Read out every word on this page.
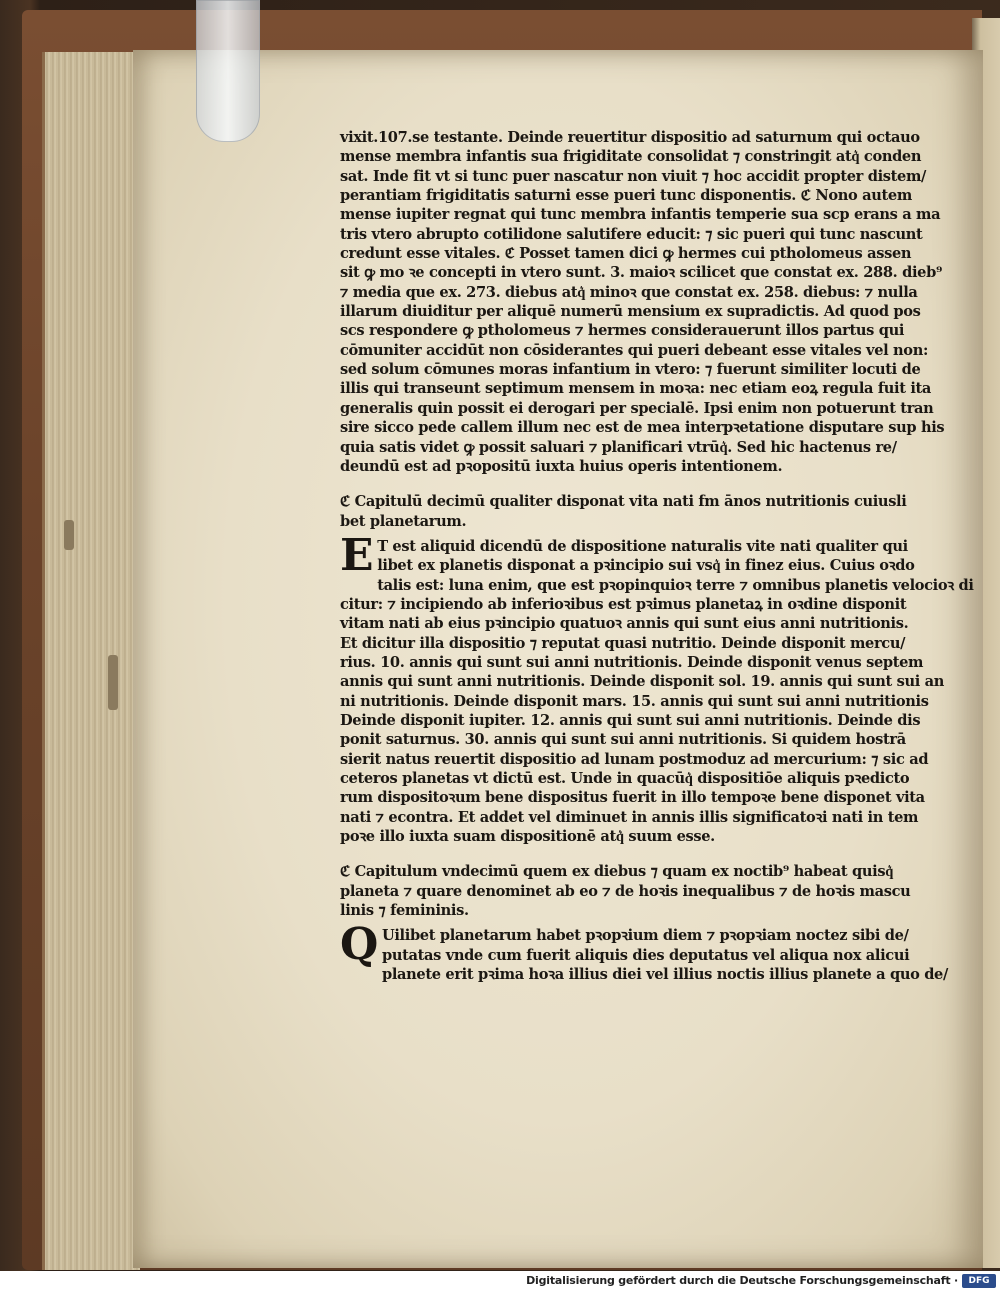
vixit.107.se testante. Deinde reuertitur dispositio ad saturnum qui octauo
mense membra infantis sua frigiditate consolidat ⁊ constringit atq͛ conden
sat. Inde fit vt si tunc puer nascatur non viuit ⁊ hoc accidit propter distem/
perantiam frigiditatis saturni esse pueri tunc disponentis. ℭ Nono autem
mense iupiter regnat qui tunc membra infantis temperie sua scp erans a ma
tris vtero abrupto cotilidone salutifere educit: ⁊ sic pueri qui tunc nascunt
credunt esse vitales. ℭ Posset tamen dici ꝙ hermes cui ptholomeus assen
sit ꝙ mo ꝛe concepti in vtero sunt. 3. maioꝛ scilicet que constat ex. 288. dieb⁹
⁊ media que ex. 273. diebus atq͛ minoꝛ que constat ex. 258. diebus: ⁊ nulla
illarum diuiditur per aliquē numerū mensium ex supradictis. Ad quod pos
scs respondere ꝙ ptholomeus ⁊ hermes considerauerunt illos partus qui
cōmuniter accidūt non cōsiderantes qui pueri debeant esse vitales vel non:
sed solum cōmunes moras infantium in vtero: ⁊ fuerunt similiter locuti de
illis qui transeunt septimum mensem in moꝛa: nec etiam eoꝝ regula fuit ita
generalis quin possit ei derogari per specialē. Ipsi enim non potuerunt tran
sire sicco pede callem illum nec est de mea interpꝛetatione disputare sup his
quia satis videt ꝙ possit saluari ⁊ planificari vtrūq͛. Sed hic hactenus re/
deundū est ad pꝛopositū iuxta huius operis intentionem.
ℭ Capitulū decimū qualiter disponat vita nati fm ānos nutritionis cuiusli
bet planetarum.
E T est aliquid dicendū de dispositione naturalis vite nati qualiter qui
libet ex planetis disponat a pꝛincipio sui vsq͛ in finez eius. Cuius oꝛdo
talis est: luna enim, que est pꝛopinquioꝛ terre ⁊ omnibus planetis velocioꝛ di
citur: ⁊ incipiendo ab inferioꝛibus est pꝛimus planetaꝝ in oꝛdine disponit
vitam nati ab eius pꝛincipio quatuoꝛ annis qui sunt eius anni nutritionis.
Et dicitur illa dispositio ⁊ reputat quasi nutritio. Deinde disponit mercu/
rius. 10. annis qui sunt sui anni nutritionis. Deinde disponit venus septem
annis qui sunt anni nutritionis. Deinde disponit sol. 19. annis qui sunt sui an
ni nutritionis. Deinde disponit mars. 15. annis qui sunt sui anni nutritionis
Deinde disponit iupiter. 12. annis qui sunt sui anni nutritionis. Deinde dis
ponit saturnus. 30. annis qui sunt sui anni nutritionis. Si quidem hostrā
sierit natus reuertit dispositio ad lunam postmoduz ad mercurium: ⁊ sic ad
ceteros planetas vt dictū est. Unde in quacūq͛ dispositiōe aliquis pꝛedicto
rum dispositoꝛum bene dispositus fuerit in illo tempoꝛe bene disponet vita
nati ⁊ econtra. Et addet vel diminuet in annis illis significatoꝛi nati in tem
poꝛe illo iuxta suam dispositionē atq͛ suum esse.
ℭ Capitulum vndecimū quem ex diebus ⁊ quam ex noctib⁹ habeat quisq͛
planeta ⁊ quare denominet ab eo ⁊ de hoꝛis inequalibus ⁊ de hoꝛis mascu
linis ⁊ femininis.
Q Uilibet planetarum habet pꝛopꝛium diem ⁊ pꝛopꝛiam noctez sibi de/
putatas vnde cum fuerit aliquis dies deputatus vel aliqua nox alicui
planete erit pꝛima hoꝛa illius diei vel illius noctis illius planete a quo de/
Digitalisierung gefördert durch die Deutsche Forschungsgemeinschaft ·	DFG
